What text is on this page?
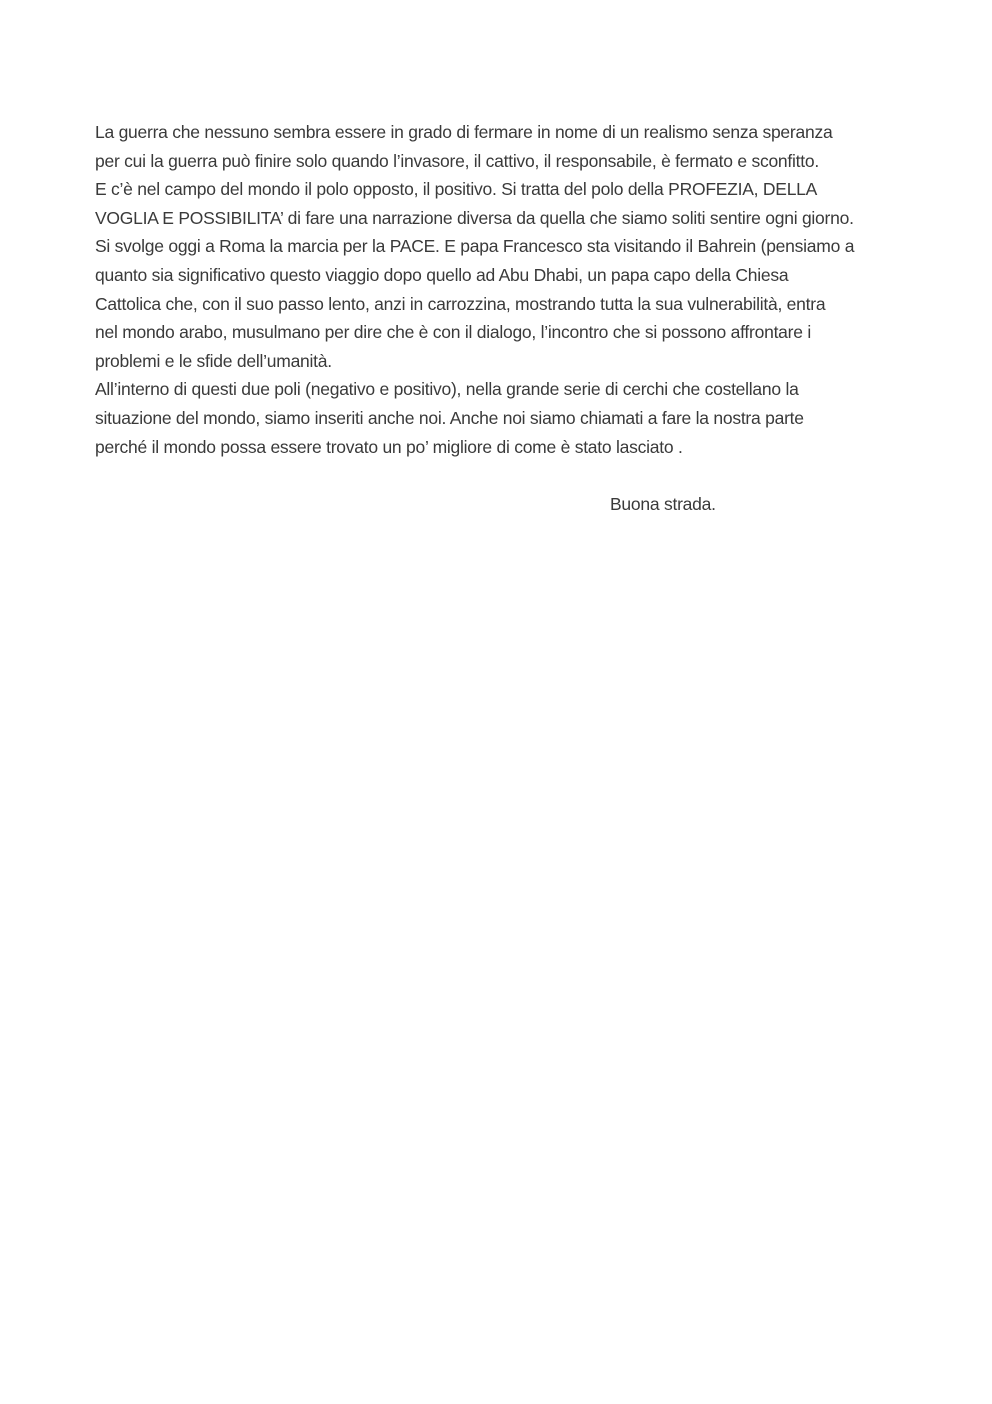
La guerra che nessuno sembra essere in grado di fermare in nome di un realismo senza speranza
per cui la guerra può finire solo quando l’invasore, il cattivo, il responsabile, è fermato e sconfitto.
E c’è nel campo del mondo il polo opposto, il positivo. Si tratta del polo della PROFEZIA, DELLA
VOGLIA E POSSIBILITA’ di fare una narrazione diversa da quella che siamo soliti sentire ogni giorno.
Si svolge oggi a Roma la marcia per la PACE. E papa Francesco sta visitando il Bahrein (pensiamo a
quanto sia significativo questo viaggio dopo quello ad Abu Dhabi, un papa capo della Chiesa
Cattolica che, con il suo passo lento, anzi in carrozzina, mostrando tutta la sua vulnerabilità, entra
nel mondo arabo, musulmano per dire che è con il dialogo, l’incontro che si possono affrontare i
problemi e le sfide dell’umanità.
All’interno di questi due poli (negativo e positivo), nella grande serie di cerchi che costellano la
situazione del mondo, siamo inseriti anche noi. Anche noi siamo chiamati a fare la nostra parte
perché il mondo possa essere trovato un po’ migliore di come è stato lasciato .
Buona strada.
